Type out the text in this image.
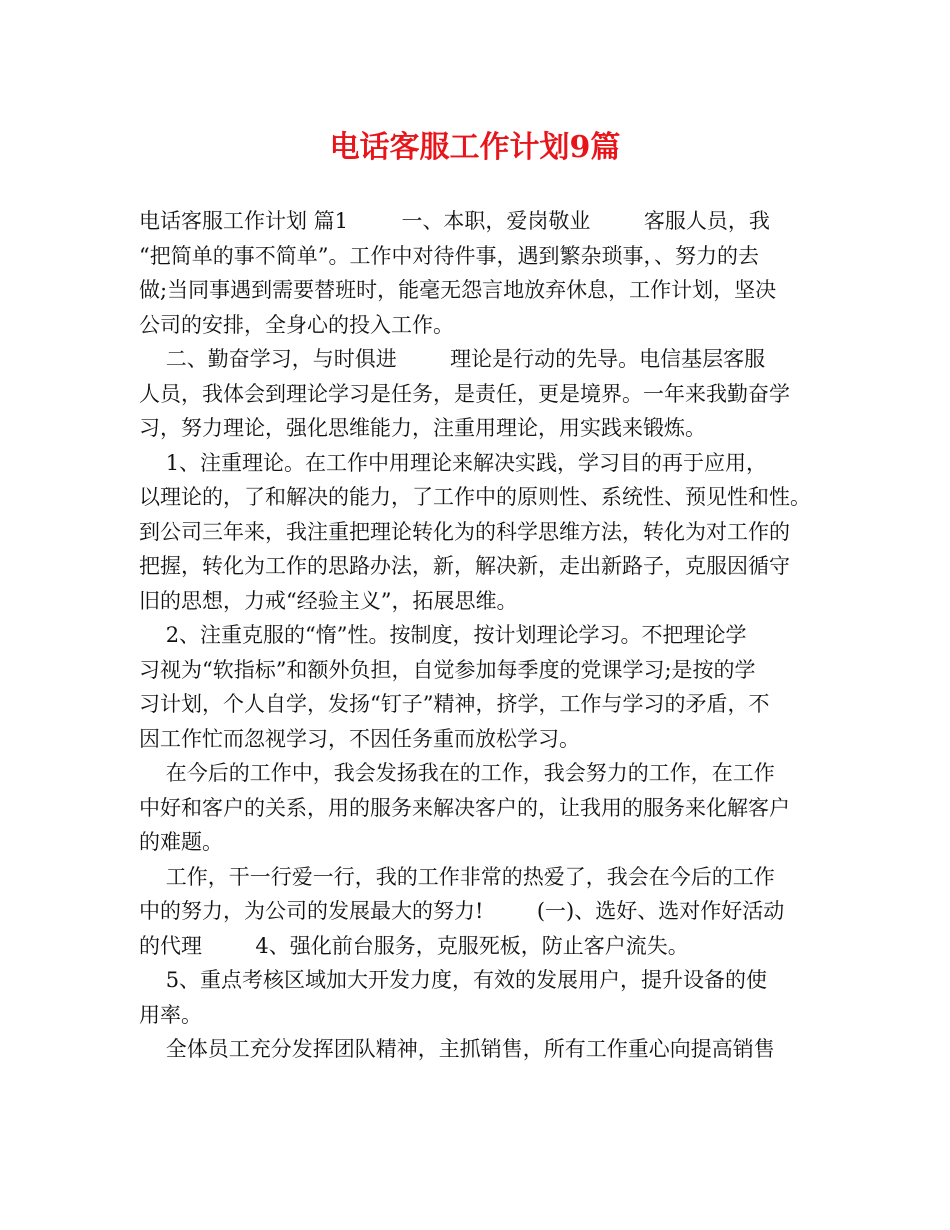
电话客服工作计划9篇
电话客服工作计划 篇1        一、本职，爱岗敬业        客服人员，我
“把简单的事不简单”。工作中对待件事，遇到繁杂琐事，、努力的去
做;当同事遇到需要替班时，能毫无怨言地放弃休息，工作计划，坚决
公司的安排，全身心的投入工作。
二、勤奋学习，与时俱进        理论是行动的先导。电信基层客服
人员，我体会到理论学习是任务，是责任，更是境界。一年来我勤奋学
习，努力理论，强化思维能力，注重用理论，用实践来锻炼。
1、注重理论。在工作中用理论来解决实践，学习目的再于应用，
以理论的，了和解决的能力，了工作中的原则性、系统性、预见性和性。
到公司三年来，我注重把理论转化为的科学思维方法，转化为对工作的
把握，转化为工作的思路办法，新，解决新，走出新路子，克服因循守
旧的思想，力戒“经验主义”，拓展思维。
2、注重克服的“惰”性。按制度，按计划理论学习。不把理论学
习视为“软指标”和额外负担，自觉参加每季度的党课学习;是按的学
习计划，个人自学，发扬“钉子”精神，挤学，工作与学习的矛盾，不
因工作忙而忽视学习，不因任务重而放松学习。
在今后的工作中，我会发扬我在的工作，我会努力的工作，在工作
中好和客户的关系，用的服务来解决客户的，让我用的服务来化解客户
的难题。
工作，干一行爱一行，我的工作非常的热爱了，我会在今后的工作
中的努力，为公司的发展最大的努力!        (一)、选好、选对作好活动
的代理        4、强化前台服务，克服死板，防止客户流失。
5、重点考核区域加大开发力度，有效的发展用户，提升设备的使
用率。
全体员工充分发挥团队精神，主抓销售，所有工作重心向提高销售
